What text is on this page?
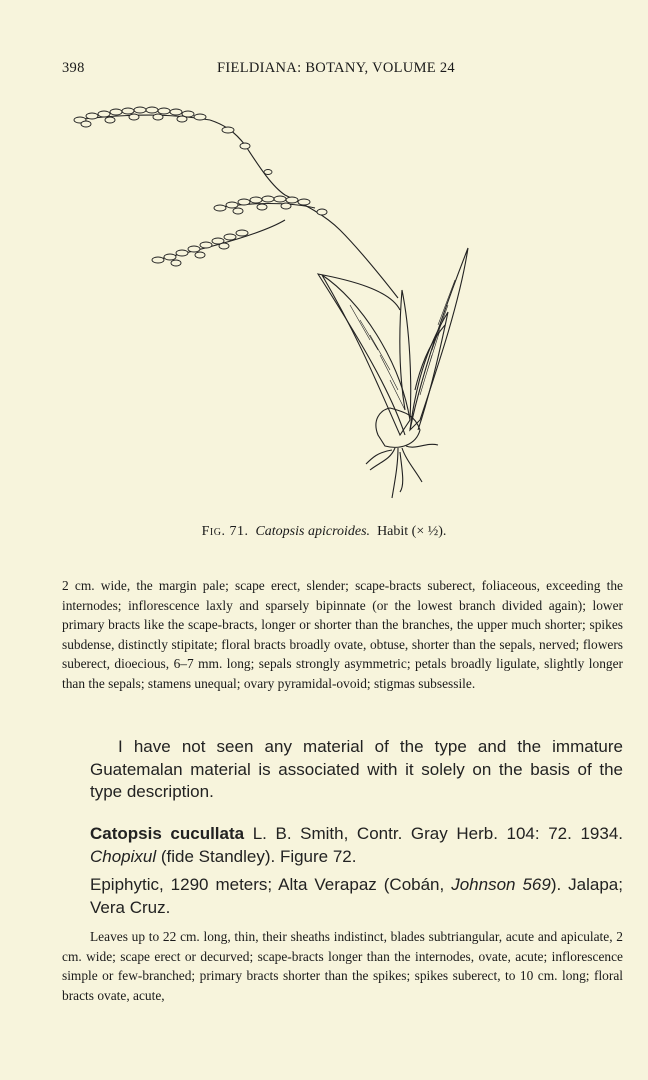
398	FIELDIANA: BOTANY, VOLUME 24
Fig. 71. Catopsis apicroides. Habit (× ½).
2 cm. wide, the margin pale; scape erect, slender; scape-bracts suberect, foliaceous, exceeding the internodes; inflorescence laxly and sparsely bipinnate (or the lowest branch divided again); lower primary bracts like the scape-bracts, longer or shorter than the branches, the upper much shorter; spikes subdense, distinctly stipitate; floral bracts broadly ovate, obtuse, shorter than the sepals, nerved; flowers suberect, dioecious, 6–7 mm. long; sepals strongly asymmetric; petals broadly ligulate, slightly longer than the sepals; stamens unequal; ovary pyramidal-ovoid; stigmas subsessile.
I have not seen any material of the type and the immature Guatemalan material is associated with it solely on the basis of the type description.
Catopsis cucullata L. B. Smith, Contr. Gray Herb. 104: 72. 1934. Chopixul (fide Standley). Figure 72.
Epiphytic, 1290 meters; Alta Verapaz (Cobán, Johnson 569). Jalapa; Vera Cruz.
Leaves up to 22 cm. long, thin, their sheaths indistinct, blades subtriangular, acute and apiculate, 2 cm. wide; scape erect or decurved; scape-bracts longer than the internodes, ovate, acute; inflorescence simple or few-branched; primary bracts shorter than the spikes; spikes suberect, to 10 cm. long; floral bracts ovate, acute,
